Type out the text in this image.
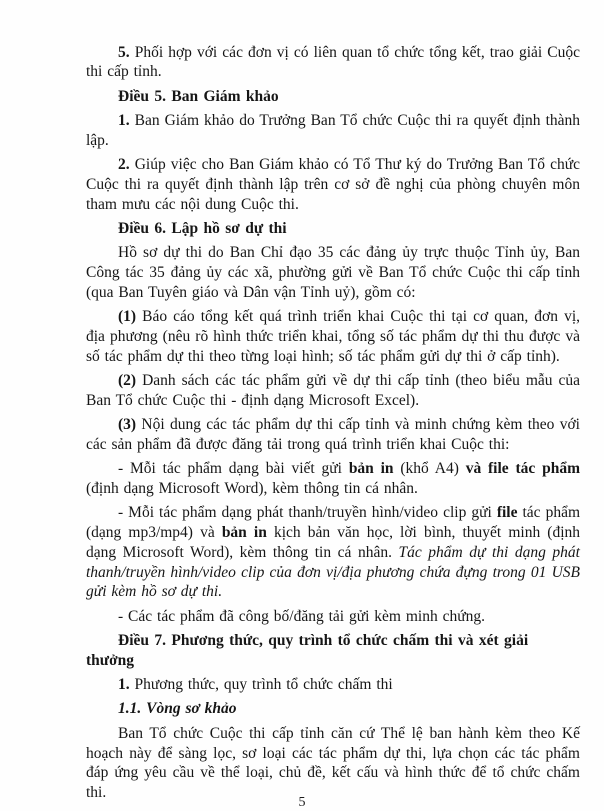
5. Phối hợp với các đơn vị có liên quan tổ chức tổng kết, trao giải Cuộc thi cấp tỉnh.

Điều 5. Ban Giám khảo

1. Ban Giám khảo do Trưởng Ban Tổ chức Cuộc thi ra quyết định thành lập.

2. Giúp việc cho Ban Giám khảo có Tổ Thư ký do Trưởng Ban Tổ chức Cuộc thi ra quyết định thành lập trên cơ sở đề nghị của phòng chuyên môn tham mưu các nội dung Cuộc thi.

Điều 6. Lập hồ sơ dự thi

Hồ sơ dự thi do Ban Chỉ đạo 35 các đảng ủy trực thuộc Tỉnh ủy, Ban Công tác 35 đảng ủy các xã, phường gửi về Ban Tổ chức Cuộc thi cấp tỉnh (qua Ban Tuyên giáo và Dân vận Tỉnh uỷ), gồm có:

(1) Báo cáo tổng kết quá trình triển khai Cuộc thi tại cơ quan, đơn vị, địa phương (nêu rõ hình thức triển khai, tổng số tác phẩm dự thi thu được và số tác phẩm dự thi theo từng loại hình; số tác phẩm gửi dự thi ở cấp tỉnh).

(2) Danh sách các tác phẩm gửi về dự thi cấp tỉnh (theo biểu mẫu của Ban Tổ chức Cuộc thi - định dạng Microsoft Excel).

(3) Nội dung các tác phẩm dự thi cấp tỉnh và minh chứng kèm theo với các sản phẩm đã được đăng tải trong quá trình triển khai Cuộc thi:

- Mỗi tác phẩm dạng bài viết gửi bản in (khổ A4) và file tác phẩm (định dạng Microsoft Word), kèm thông tin cá nhân.

- Mỗi tác phẩm dạng phát thanh/truyền hình/video clip gửi file tác phẩm (dạng mp3/mp4) và bản in kịch bản văn học, lời bình, thuyết minh (định dạng Microsoft Word), kèm thông tin cá nhân. Tác phẩm dự thi dạng phát thanh/truyền hình/video clip của đơn vị/địa phương chứa đựng trong 01 USB gửi kèm hồ sơ dự thi.

- Các tác phẩm đã công bố/đăng tải gửi kèm minh chứng.

Điều 7. Phương thức, quy trình tổ chức chấm thi và xét giải thưởng

1. Phương thức, quy trình tổ chức chấm thi

1.1. Vòng sơ khảo

Ban Tổ chức Cuộc thi cấp tỉnh căn cứ Thể lệ ban hành kèm theo Kế hoạch này để sàng lọc, sơ loại các tác phẩm dự thi, lựa chọn các tác phẩm đáp ứng yêu cầu về thể loại, chủ đề, kết cấu và hình thức để tổ chức chấm thi.

5
